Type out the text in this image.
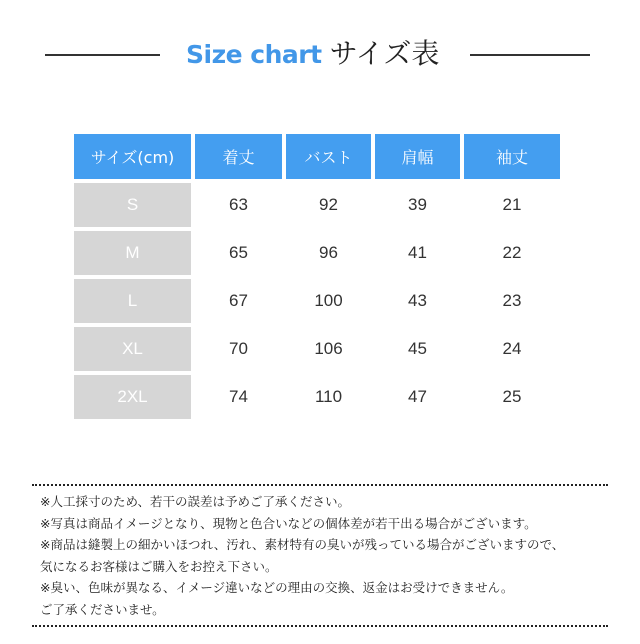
Size chart サイズ表
サイズ(cm)	着丈	バスト	肩幅	袖丈
S	63	92	39	21
M	65	96	41	22
L	67	100	43	23
XL	70	106	45	24
2XL	74	110	47	25
※人工採寸のため、若干の誤差は予めご了承ください。
※写真は商品イメージとなり、現物と色合いなどの個体差が若干出る場合がございます。
※商品は縫製上の細かいほつれ、汚れ、素材特有の臭いが残っている場合がございますので、
気になるお客様はご購入をお控え下さい。
※臭い、色味が異なる、イメージ違いなどの理由の交換、返金はお受けできません。
ご了承くださいませ。
